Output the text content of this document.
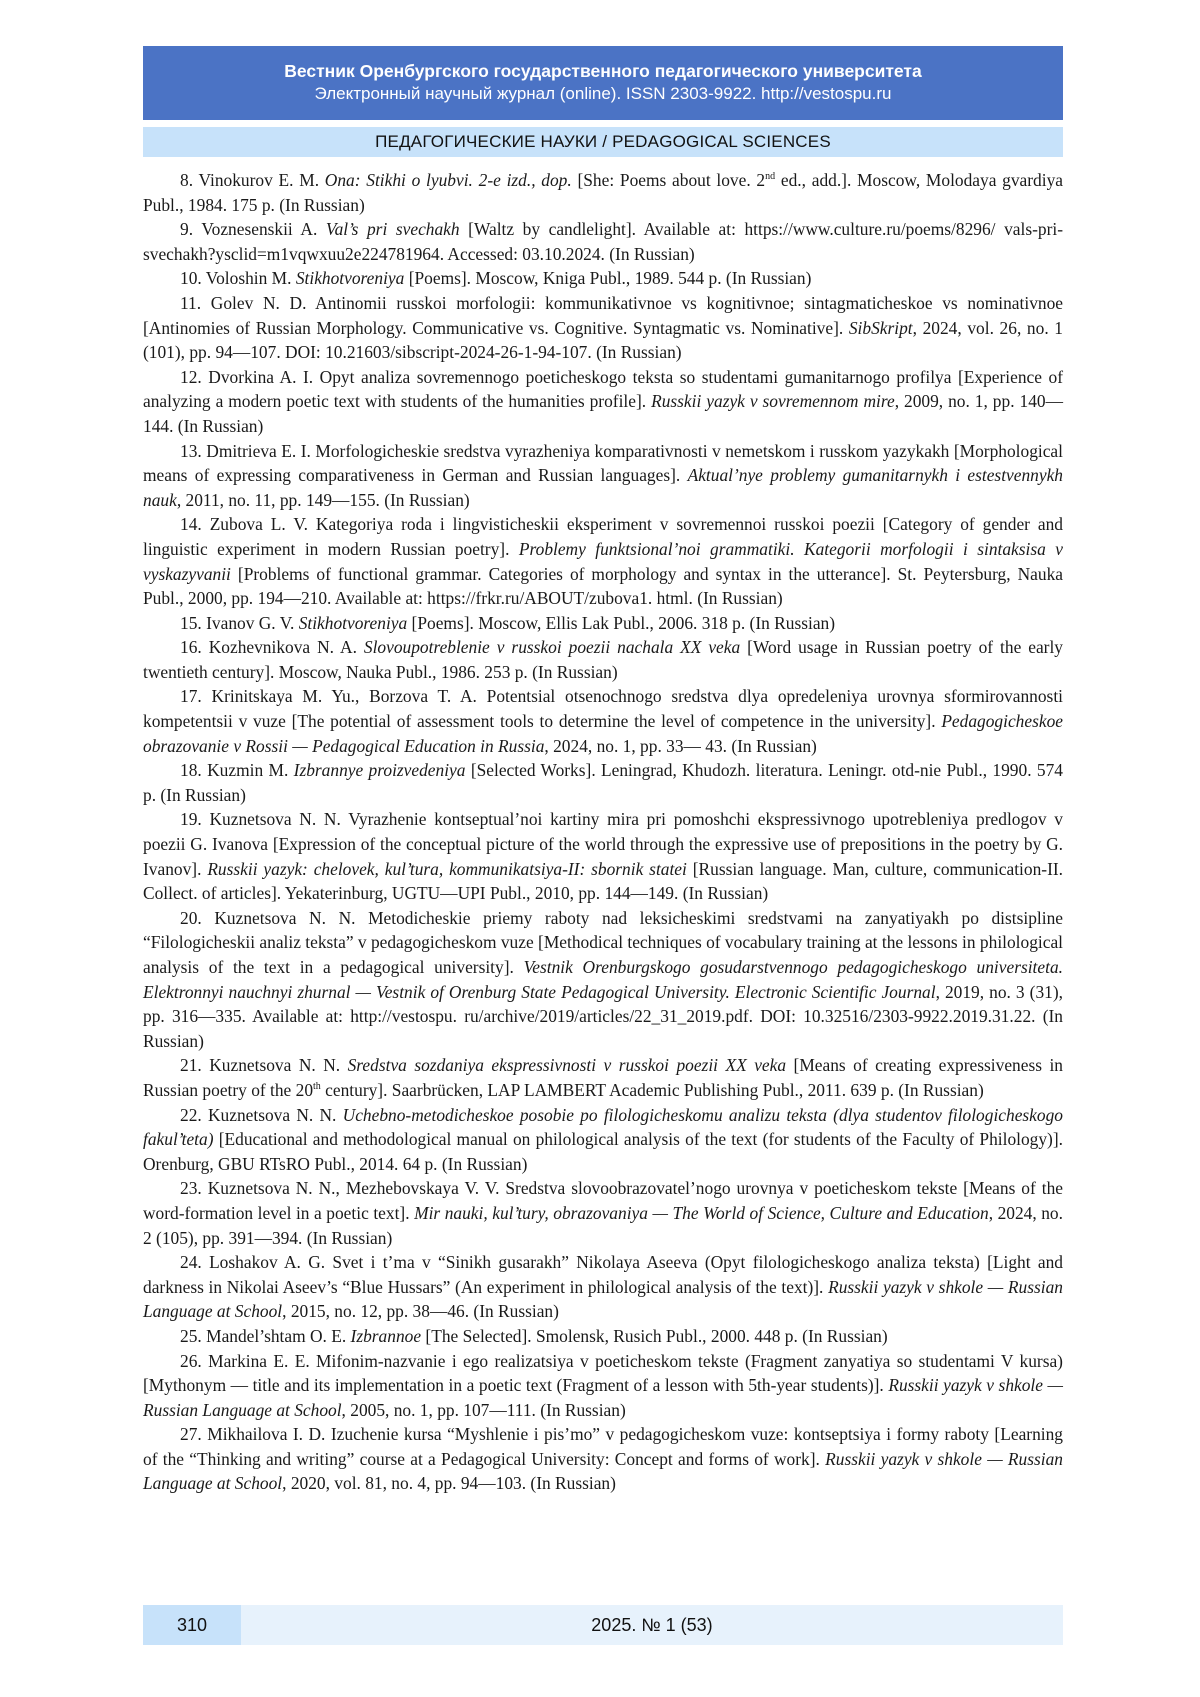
Вестник Оренбургского государственного педагогического университета
Электронный научный журнал (online). ISSN 2303-9922. http://vestospu.ru
ПЕДАГОГИЧЕСКИЕ НАУКИ / PEDAGOGICAL SCIENCES

8. Vinokurov E. M. Ona: Stikhi o lyubvi. 2-e izd., dop. [She: Poems about love. 2nd ed., add.]. Moscow, Molodaya gvardiya Publ., 1984. 175 p. (In Russian)

9. Voznesenskii A. Val’s pri svechakh [Waltz by candlelight]. Available at: https://www.culture.ru/poems/8296/ vals-pri-svechakh?ysclid=m1vqwxuu2e224781964. Accessed: 03.10.2024. (In Russian)

10. Voloshin M. Stikhotvoreniya [Poems]. Moscow, Kniga Publ., 1989. 544 p. (In Russian)

11. Golev N. D. Antinomii russkoi morfologii: kommunikativnoe vs kognitivnoe; sintagmaticheskoe vs nominativnoe [Antinomies of Russian Morphology. Communicative vs. Cognitive. Syntagmatic vs. Nominative]. SibSkript, 2024, vol. 26, no. 1 (101), pp. 94—107. DOI: 10.21603/sibscript-2024-26-1-94-107. (In Russian)

12. Dvorkina A. I. Opyt analiza sovremennogo poeticheskogo teksta so studentami gumanitarnogo profilya [Experience of analyzing a modern poetic text with students of the humanities profile]. Russkii yazyk v sovremennom mire, 2009, no. 1, pp. 140—144. (In Russian)

13. Dmitrieva E. I. Morfologicheskie sredstva vyrazheniya komparativnosti v nemetskom i russkom yazykakh [Morphological means of expressing comparativeness in German and Russian languages]. Aktual’nye problemy gumanitarnykh i estestvennykh nauk, 2011, no. 11, pp. 149—155. (In Russian)

14. Zubova L. V. Kategoriya roda i lingvisticheskii eksperiment v sovremennoi russkoi poezii [Category of gender and linguistic experiment in modern Russian poetry]. Problemy funktsional’noi grammatiki. Kategorii morfologii i sintaksisa v vyskazyvanii [Problems of functional grammar. Categories of morphology and syntax in the utterance]. St. Peytersburg, Nauka Publ., 2000, pp. 194—210. Available at: https://frkr.ru/ABOUT/zubova1. html. (In Russian)

15. Ivanov G. V. Stikhotvoreniya [Poems]. Moscow, Ellis Lak Publ., 2006. 318 p. (In Russian)

16. Kozhevnikova N. A. Slovoupotreblenie v russkoi poezii nachala XX veka [Word usage in Russian poetry of the early twentieth century]. Moscow, Nauka Publ., 1986. 253 p. (In Russian)

17. Krinitskaya M. Yu., Borzova T. A. Potentsial otsenochnogo sredstva dlya opredeleniya urovnya sformirovannosti kompetentsii v vuze [The potential of assessment tools to determine the level of competence in the university]. Pedagogicheskoe obrazovanie v Rossii — Pedagogical Education in Russia, 2024, no. 1, pp. 33— 43. (In Russian)

18. Kuzmin M. Izbrannye proizvedeniya [Selected Works]. Leningrad, Khudozh. literatura. Leningr. otd-nie Publ., 1990. 574 p. (In Russian)

19. Kuznetsova N. N. Vyrazhenie kontseptual’noi kartiny mira pri pomoshchi ekspressivnogo upotrebleniya predlogov v poezii G. Ivanova [Expression of the conceptual picture of the world through the expressive use of prepositions in the poetry by G. Ivanov]. Russkii yazyk: chelovek, kul’tura, kommunikatsiya-II: sbornik statei [Russian language. Man, culture, communication-II. Collect. of articles]. Yekaterinburg, UGTU—UPI Publ., 2010, pp. 144—149. (In Russian)

20. Kuznetsova N. N. Metodicheskie priemy raboty nad leksicheskimi sredstvami na zanyatiyakh po distsipline “Filologicheskii analiz teksta” v pedagogicheskom vuze [Methodical techniques of vocabulary training at the lessons in philological analysis of the text in a pedagogical university]. Vestnik Orenburgskogo gosudarstvennogo pedagogicheskogo universiteta. Elektronnyi nauchnyi zhurnal — Vestnik of Orenburg State Pedagogical University. Electronic Scientific Journal, 2019, no. 3 (31), pp. 316—335. Available at: http://vestospu. ru/archive/2019/articles/22_31_2019.pdf. DOI: 10.32516/2303-9922.2019.31.22. (In Russian)

21. Kuznetsova N. N. Sredstva sozdaniya ekspressivnosti v russkoi poezii XX veka [Means of creating expressiveness in Russian poetry of the 20th century]. Saarbrücken, LAP LAMBERT Academic Publishing Publ., 2011. 639 p. (In Russian)

22. Kuznetsova N. N. Uchebno-metodicheskoe posobie po filologicheskomu analizu teksta (dlya studentov filologicheskogo fakul’teta) [Educational and methodological manual on philological analysis of the text (for students of the Faculty of Philology)]. Orenburg, GBU RTsRO Publ., 2014. 64 p. (In Russian)

23. Kuznetsova N. N., Mezhebovskaya V. V. Sredstva slovoobrazovatel’nogo urovnya v poeticheskom tekste [Means of the word-formation level in a poetic text]. Mir nauki, kul’tury, obrazovaniya — The World of Science, Culture and Education, 2024, no. 2 (105), pp. 391—394. (In Russian)

24. Loshakov A. G. Svet i t’ma v “Sinikh gusarakh” Nikolaya Aseeva (Opyt filologicheskogo analiza teksta) [Light and darkness in Nikolai Aseev’s “Blue Hussars” (An experiment in philological analysis of the text)]. Russkii yazyk v shkole — Russian Language at School, 2015, no. 12, pp. 38—46. (In Russian)

25. Mandel’shtam O. E. Izbrannoe [The Selected]. Smolensk, Rusich Publ., 2000. 448 p. (In Russian)

26. Markina E. E. Mifonim-nazvanie i ego realizatsiya v poeticheskom tekste (Fragment zanyatiya so studentami V kursa) [Mythonym — title and its implementation in a poetic text (Fragment of a lesson with 5th-year students)]. Russkii yazyk v shkole — Russian Language at School, 2005, no. 1, pp. 107—111. (In Russian)

27. Mikhailova I. D. Izuchenie kursa “Myshlenie i pis’mo” v pedagogicheskom vuze: kontseptsiya i formy raboty [Learning of the “Thinking and writing” course at a Pedagogical University: Concept and forms of work]. Russkii yazyk v shkole — Russian Language at School, 2020, vol. 81, no. 4, pp. 94—103. (In Russian)

310	2025. № 1 (53)
